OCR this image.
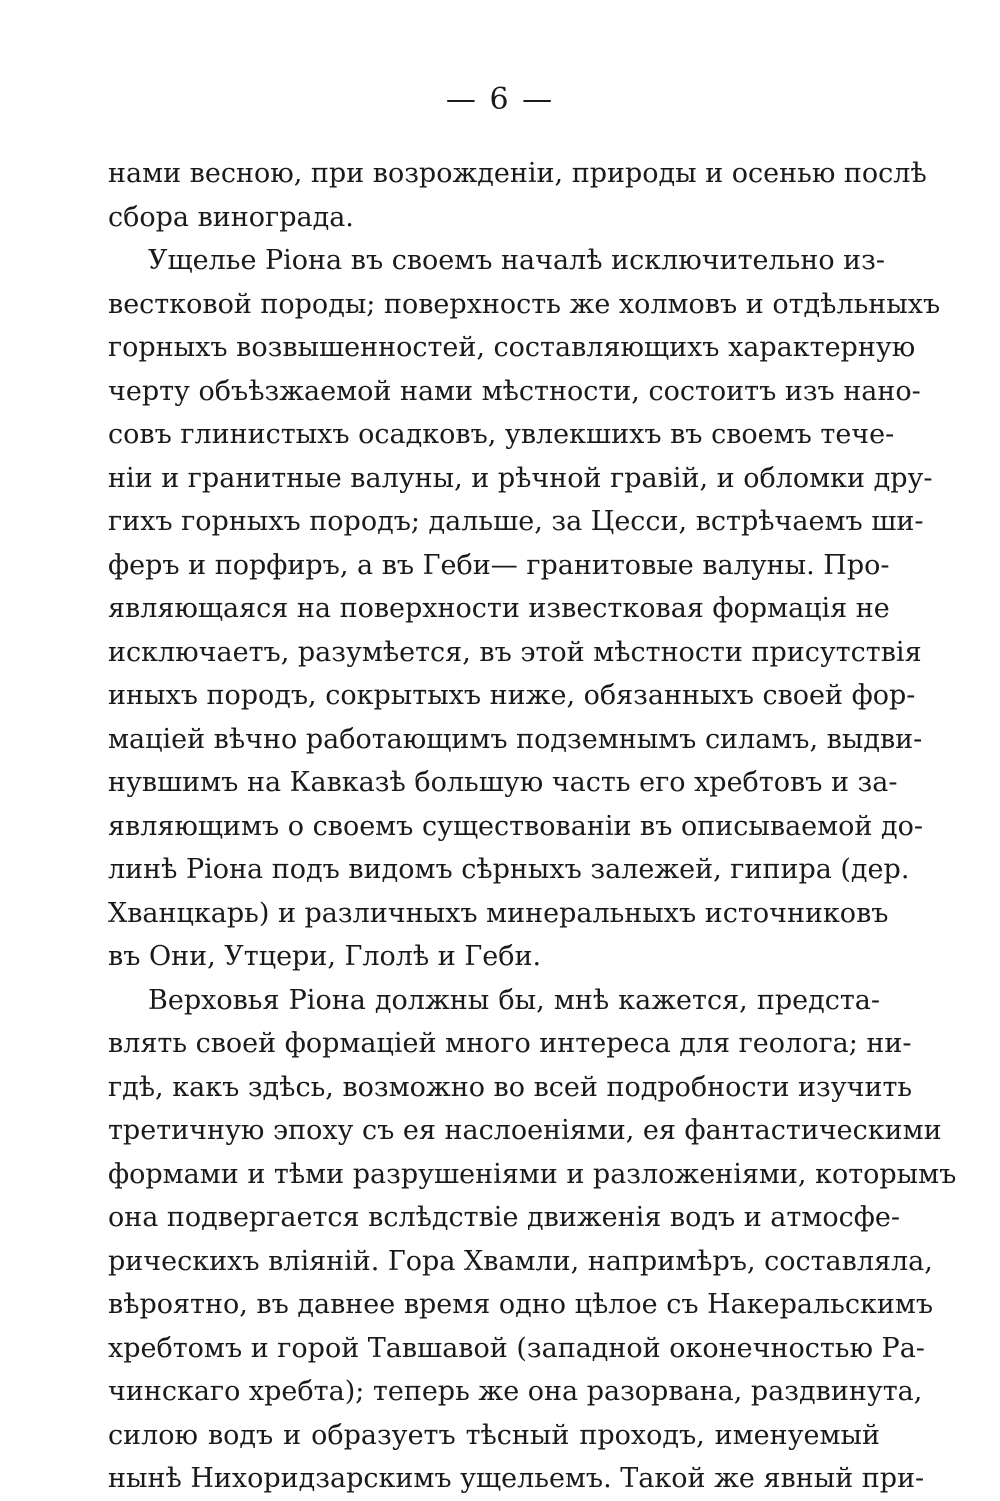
— 6 —
нами весною, при возрожденіи, природы и осенью послѣ
сбора винограда.
Ущелье Ріона въ своемъ началѣ исключительно из-
вестковой породы; поверхность же холмовъ и отдѣльныхъ
горныхъ возвышенностей, составляющихъ характерную
черту объѣзжаемой нами мѣстности, состоитъ изъ нано-
совъ глинистыхъ осадковъ, увлекшихъ въ своемъ тече-
ніи и гранитные валуны, и рѣчной гравій, и обломки дру-
гихъ горныхъ породъ; дальше, за Цесси, встрѣчаемъ ши-
феръ и порфиръ, а въ Геби— гранитовые валуны. Про-
являющаяся на поверхности известковая формація не
исключаетъ, разумѣется, въ этой мѣстности присутствія
иныхъ породъ, сокрытыхъ ниже, обязанныхъ своей фор-
маціей вѣчно работающимъ подземнымъ силамъ, выдви-
нувшимъ на Кавказѣ большую часть его хребтовъ и за-
являющимъ о своемъ существованіи въ описываемой до-
линѣ Ріона подъ видомъ сѣрныхъ залежей, гипира (дер.
Хванцкарь) и различныхъ минеральныхъ источниковъ
въ Они, Утцери, Глолѣ и Геби.
Верховья Ріона должны бы, мнѣ кажется, предста-
влять своей формаціей много интереса для геолога; ни-
гдѣ, какъ здѣсь, возможно во всей подробности изучить
третичную эпоху съ ея наслоеніями, ея фантастическими
формами и тѣми разрушеніями и разложеніями, которымъ
она подвергается вслѣдствіе движенія водъ и атмосфе-
рическихъ вліяній. Гора Хвамли, напримѣръ, составляла,
вѣроятно, въ давнее время одно цѣлое съ Накеральскимъ
хребтомъ и горой Тавшавой (западной оконечностью Ра-
чинскаго хребта); теперь же она разорвана, раздвинута,
силою водъ и образуетъ тѣсный проходъ, именуемый
нынѣ Нихоридзарскимъ ущельемъ. Такой же явный при-
